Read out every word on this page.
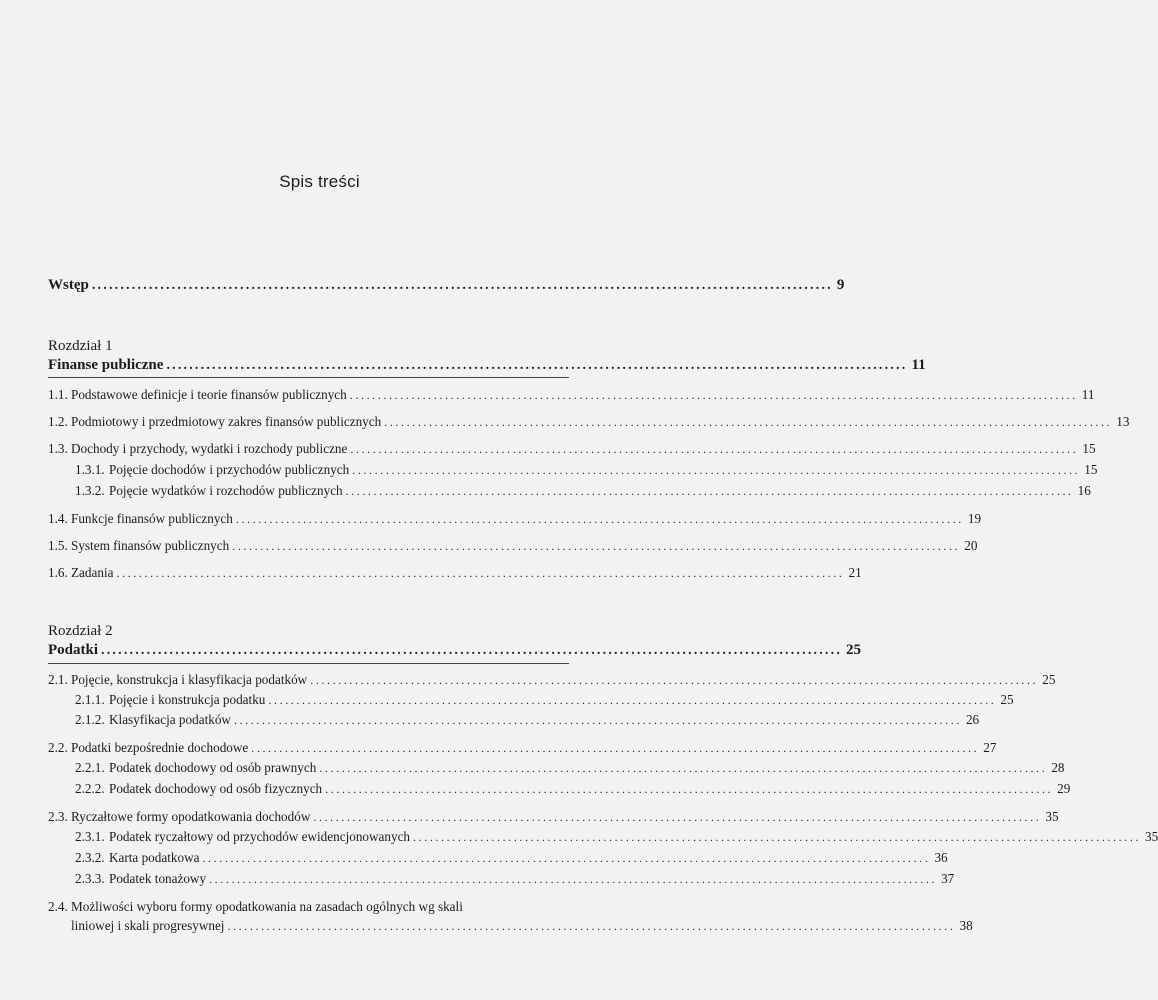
Spis treści
Wstęp .................................................................................................................................. 9
Rozdział 1
Finanse publiczne .................................................................................................................................. 11
1.1. Podstawowe definicje i teorie finansów publicznych .................................................................................................................................. 11
1.2. Podmiotowy i przedmiotowy zakres finansów publicznych .................................................................................................................................. 13
1.3. Dochody i przychody, wydatki i rozchody publiczne .................................................................................................................................. 15
1.3.1. Pojęcie dochodów i przychodów publicznych .................................................................................................................................. 15
1.3.2. Pojęcie wydatków i rozchodów publicznych .................................................................................................................................. 16
1.4. Funkcje finansów publicznych .................................................................................................................................. 19
1.5. System finansów publicznych .................................................................................................................................. 20
1.6. Zadania .................................................................................................................................. 21
Rozdział 2
Podatki .................................................................................................................................. 25
2.1. Pojęcie, konstrukcja i klasyfikacja podatków .................................................................................................................................. 25
2.1.1. Pojęcie i konstrukcja podatku .................................................................................................................................. 25
2.1.2. Klasyfikacja podatków .................................................................................................................................. 26
2.2. Podatki bezpośrednie dochodowe .................................................................................................................................. 27
2.2.1. Podatek dochodowy od osób prawnych .................................................................................................................................. 28
2.2.2. Podatek dochodowy od osób fizycznych .................................................................................................................................. 29
2.3. Ryczałtowe formy opodatkowania dochodów .................................................................................................................................. 35
2.3.1. Podatek ryczałtowy od przychodów ewidencjonowanych .................................................................................................................................. 35
2.3.2. Karta podatkowa .................................................................................................................................. 36
2.3.3. Podatek tonażowy .................................................................................................................................. 37
2.4. Możliwości wyboru formy opodatkowania na zasadach ogólnych wg skali
liniowej i skali progresywnej .................................................................................................................................. 38
